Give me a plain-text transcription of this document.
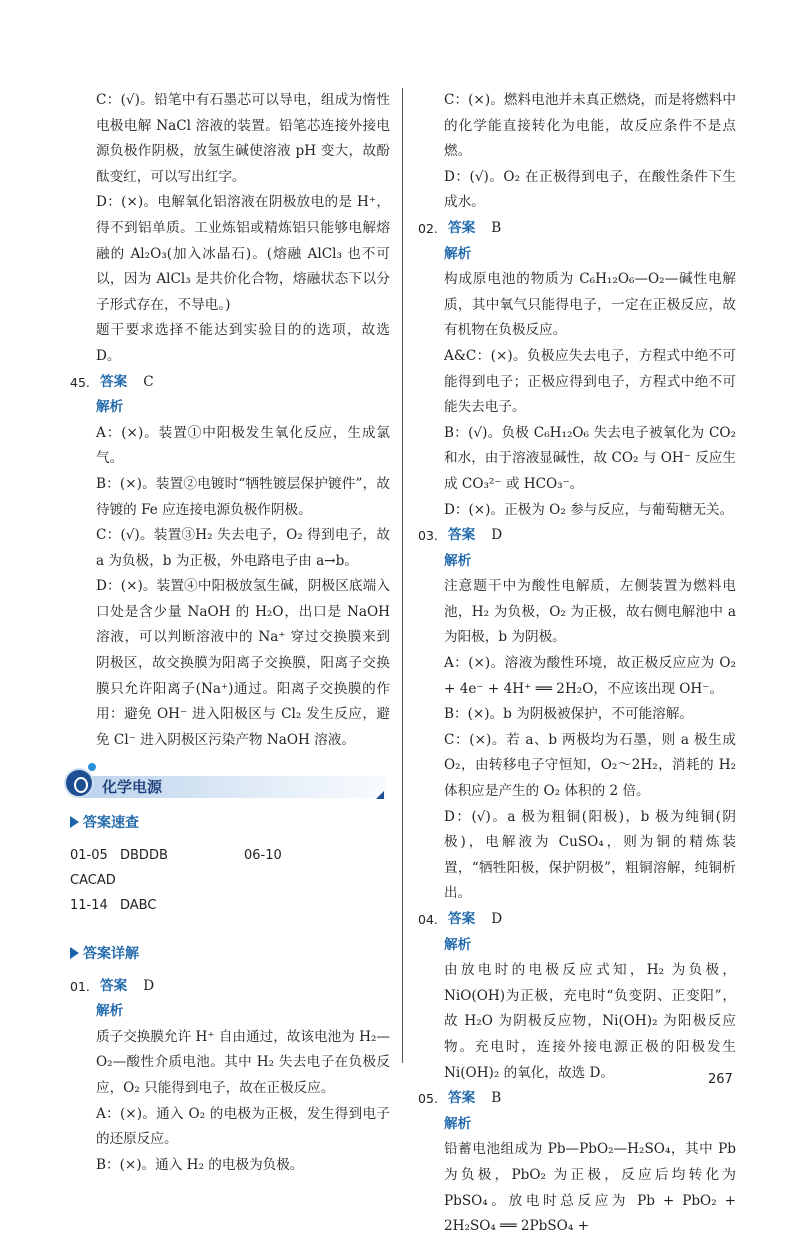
C：(√)。铅笔中有石墨芯可以导电，组成为惰性电极电解 NaCl 溶液的装置。铅笔芯连接外接电源负极作阴极，放氢生碱使溶液 pH 变大，故酚酞变红，可以写出红字。

D：(×)。电解氧化铝溶液在阴极放电的是 H⁺，得不到铝单质。工业炼铝或精炼铝只能够电解熔融的 Al₂O₃(加入冰晶石)。(熔融 AlCl₃ 也不可以，因为 AlCl₃ 是共价化合物，熔融状态下以分子形式存在，不导电。)

题干要求选择不能达到实验目的的选项，故选 D。

45. 答案 C

解析

A：(×)。装置①中阳极发生氧化反应，生成氯气。

B：(×)。装置②电镀时“牺牲镀层保护镀件”，故待镀的 Fe 应连接电源负极作阴极。

C：(√)。装置③H₂ 失去电子，O₂ 得到电子，故 a 为负极，b 为正极，外电路电子由 a→b。

D：(×)。装置④中阳极放氢生碱，阴极区底端入口处是含少量 NaOH 的 H₂O，出口是 NaOH 溶液，可以判断溶液中的 Na⁺ 穿过交换膜来到阴极区，故交换膜为阳离子交换膜，阳离子交换膜只允许阳离子(Na⁺)通过。阳离子交换膜的作用：避免 OH⁻ 进入阳极区与 Cl₂ 发生反应，避免 Cl⁻ 进入阴极区污染产物 NaOH 溶液。

化学电源
答案速查
01-05 DBDDB	06-10CACAD
11-14 DABC
答案详解
01. 答案 D

解析

质子交换膜允许 H⁺ 自由通过，故该电池为 H₂—O₂—酸性介质电池。其中 H₂ 失去电子在负极反应，O₂ 只能得到电子，故在正极反应。

A：(×)。通入 O₂ 的电极为正极，发生得到电子的还原反应。

B：(×)。通入 H₂ 的电极为负极。

C：(×)。燃料电池并未真正燃烧，而是将燃料中的化学能直接转化为电能，故反应条件不是点燃。

D：(√)。O₂ 在正极得到电子，在酸性条件下生成水。

02. 答案 B

解析

构成原电池的物质为 C₆H₁₂O₆—O₂—碱性电解质，其中氧气只能得电子，一定在正极反应，故有机物在负极反应。

A&C：(×)。负极应失去电子，方程式中绝不可能得到电子；正极应得到电子，方程式中绝不可能失去电子。

B：(√)。负极 C₆H₁₂O₆ 失去电子被氧化为 CO₂ 和水，由于溶液显碱性，故 CO₂ 与 OH⁻ 反应生成 CO₃²⁻ 或 HCO₃⁻。

D：(×)。正极为 O₂ 参与反应，与葡萄糖无关。

03. 答案 D

解析

注意题干中为酸性电解质，左侧装置为燃料电池，H₂ 为负极，O₂ 为正极，故右侧电解池中 a 为阳极，b 为阴极。

A：(×)。溶液为酸性环境，故正极反应应为 O₂ + 4e⁻ + 4H⁺ ══ 2H₂O，不应该出现 OH⁻。

B：(×)。b 为阴极被保护，不可能溶解。

C：(×)。若 a、b 两极均为石墨，则 a 极生成 O₂，由转移电子守恒知，O₂～2H₂，消耗的 H₂ 体积应是产生的 O₂ 体积的 2 倍。

D：(√)。a 极为粗铜(阳极)，b 极为纯铜(阴极)，电解液为 CuSO₄，则为铜的精炼装置，“牺牲阳极，保护阴极”，粗铜溶解，纯铜析出。

04. 答案 D

解析

由放电时的电极反应式知，H₂ 为负极，NiO(OH)为正极，充电时“负变阴、正变阳”，故 H₂O 为阴极反应物，Ni(OH)₂ 为阳极反应物。充电时，连接外接电源正极的阳极发生 Ni(OH)₂ 的氧化，故选 D。

05. 答案 B

解析

铅蓄电池组成为 Pb—PbO₂—H₂SO₄，其中 Pb 为负极，PbO₂ 为正极，反应后均转化为 PbSO₄。放电时总反应为 Pb + PbO₂ + 2H₂SO₄ ══ 2PbSO₄ +

267
